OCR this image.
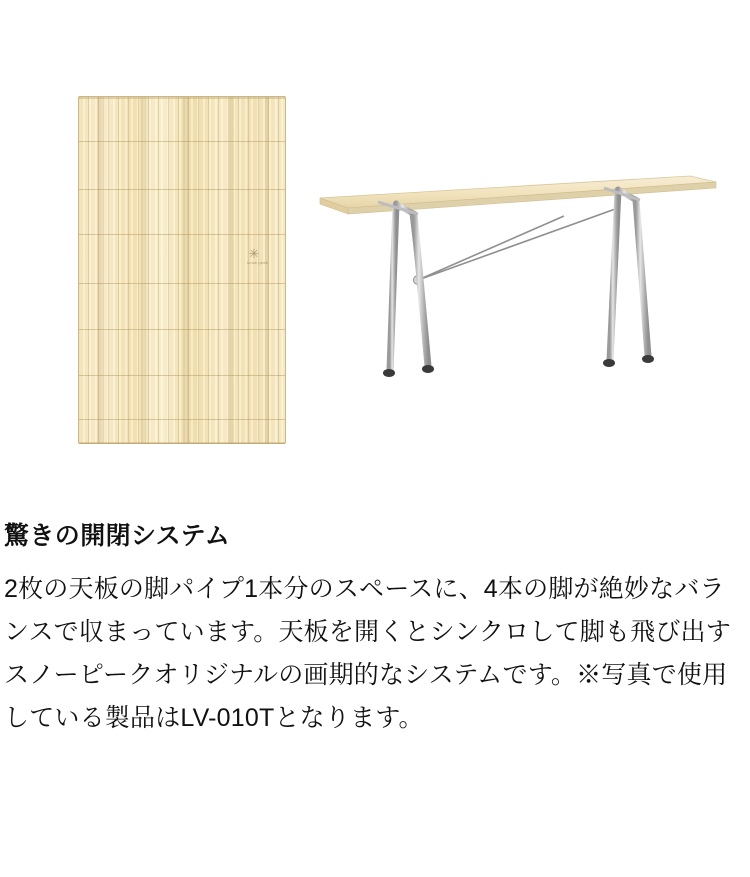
✳
snow peak
驚きの開閉システム

2枚の天板の脚パイプ1本分のスペースに、4本の脚が絶妙なバランスで収まっています。天板を開くとシンクロして脚も飛び出すスノーピークオリジナルの画期的なシステムです。※写真で使用している製品はLV-010Tとなります。
